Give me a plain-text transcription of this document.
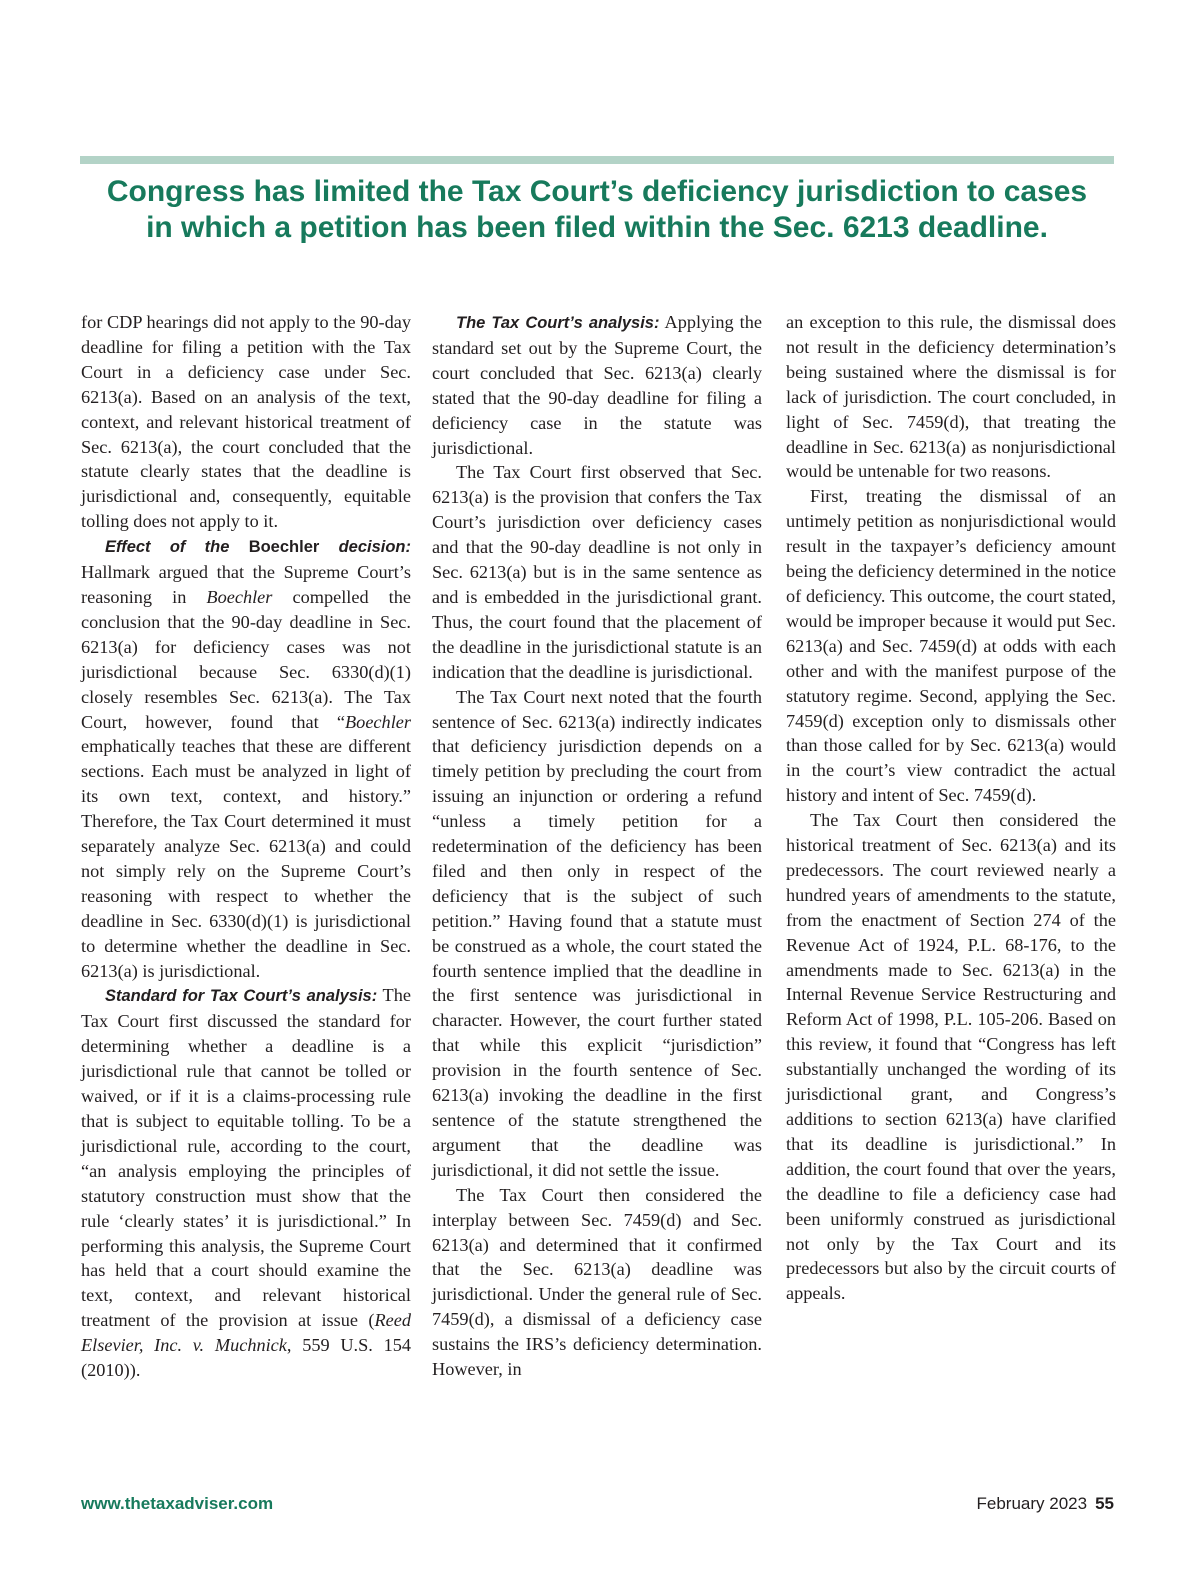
Congress has limited the Tax Court’s deficiency jurisdiction to cases
in which a petition has been filed within the Sec. 6213 deadline.

for CDP hearings did not apply to the 90-day deadline for filing a petition with the Tax Court in a deficiency case under Sec. 6213(a). Based on an analysis of the text, context, and relevant historical treatment of Sec. 6213(a), the court concluded that the statute clearly states that the deadline is jurisdictional and, consequently, equitable tolling does not apply to it.

Effect of the Boechler decision: Hallmark argued that the Supreme Court’s reasoning in Boechler compelled the conclusion that the 90-day deadline in Sec. 6213(a) for deficiency cases was not jurisdictional because Sec. 6330(d)(1) closely resembles Sec. 6213(a). The Tax Court, however, found that “Boechler emphatically teaches that these are different sections. Each must be analyzed in light of its own text, context, and history.” Therefore, the Tax Court determined it must separately analyze Sec. 6213(a) and could not simply rely on the Supreme Court’s reasoning with respect to whether the deadline in Sec. 6330(d)(1) is jurisdictional to determine whether the deadline in Sec. 6213(a) is jurisdictional.

Standard for Tax Court’s analysis: The Tax Court first discussed the standard for determining whether a deadline is a jurisdictional rule that cannot be tolled or waived, or if it is a claims-processing rule that is subject to equitable tolling. To be a jurisdictional rule, according to the court, “an analysis employing the principles of statutory construction must show that the rule ‘clearly states’ it is jurisdictional.” In performing this analysis, the Supreme Court has held that a court should examine the text, context, and relevant historical treatment of the provision at issue (Reed Elsevier, Inc. v. Muchnick, 559 U.S. 154 (2010)).

The Tax Court’s analysis: Applying the standard set out by the Supreme Court, the court concluded that Sec. 6213(a) clearly stated that the 90-day deadline for filing a deficiency case in the statute was jurisdictional.

The Tax Court first observed that Sec. 6213(a) is the provision that confers the Tax Court’s jurisdiction over deficiency cases and that the 90-day deadline is not only in Sec. 6213(a) but is in the same sentence as and is embedded in the jurisdictional grant. Thus, the court found that the placement of the deadline in the jurisdictional statute is an indication that the deadline is jurisdictional.

The Tax Court next noted that the fourth sentence of Sec. 6213(a) indirectly indicates that deficiency jurisdiction depends on a timely petition by precluding the court from issuing an injunction or ordering a refund “unless a timely petition for a redetermination of the deficiency has been filed and then only in respect of the deficiency that is the subject of such petition.” Having found that a statute must be construed as a whole, the court stated the fourth sentence implied that the deadline in the first sentence was jurisdictional in character. However, the court further stated that while this explicit “jurisdiction” provision in the fourth sentence of Sec. 6213(a) invoking the deadline in the first sentence of the statute strengthened the argument that the deadline was jurisdictional, it did not settle the issue.

The Tax Court then considered the interplay between Sec. 7459(d) and Sec. 6213(a) and determined that it confirmed that the Sec. 6213(a) deadline was jurisdictional. Under the general rule of Sec. 7459(d), a dismissal of a deficiency case sustains the IRS’s deficiency determination. However, in

an exception to this rule, the dismissal does not result in the deficiency determination’s being sustained where the dismissal is for lack of jurisdiction. The court concluded, in light of Sec. 7459(d), that treating the deadline in Sec. 6213(a) as nonjurisdictional would be untenable for two reasons.

First, treating the dismissal of an untimely petition as nonjurisdictional would result in the taxpayer’s deficiency amount being the deficiency determined in the notice of deficiency. This outcome, the court stated, would be improper because it would put Sec. 6213(a) and Sec. 7459(d) at odds with each other and with the manifest purpose of the statutory regime. Second, applying the Sec. 7459(d) exception only to dismissals other than those called for by Sec. 6213(a) would in the court’s view contradict the actual history and intent of Sec. 7459(d).

The Tax Court then considered the historical treatment of Sec. 6213(a) and its predecessors. The court reviewed nearly a hundred years of amendments to the statute, from the enactment of Section 274 of the Revenue Act of 1924, P.L. 68-176, to the amendments made to Sec. 6213(a) in the Internal Revenue Service Restructuring and Reform Act of 1998, P.L. 105-206. Based on this review, it found that “Congress has left substantially unchanged the wording of its jurisdictional grant, and Congress’s additions to section 6213(a) have clarified that its deadline is jurisdictional.” In addition, the court found that over the years, the deadline to file a deficiency case had been uniformly construed as jurisdictional not only by the Tax Court and its predecessors but also by the circuit courts of appeals.

www.thetaxadviser.com	February 2023 55
